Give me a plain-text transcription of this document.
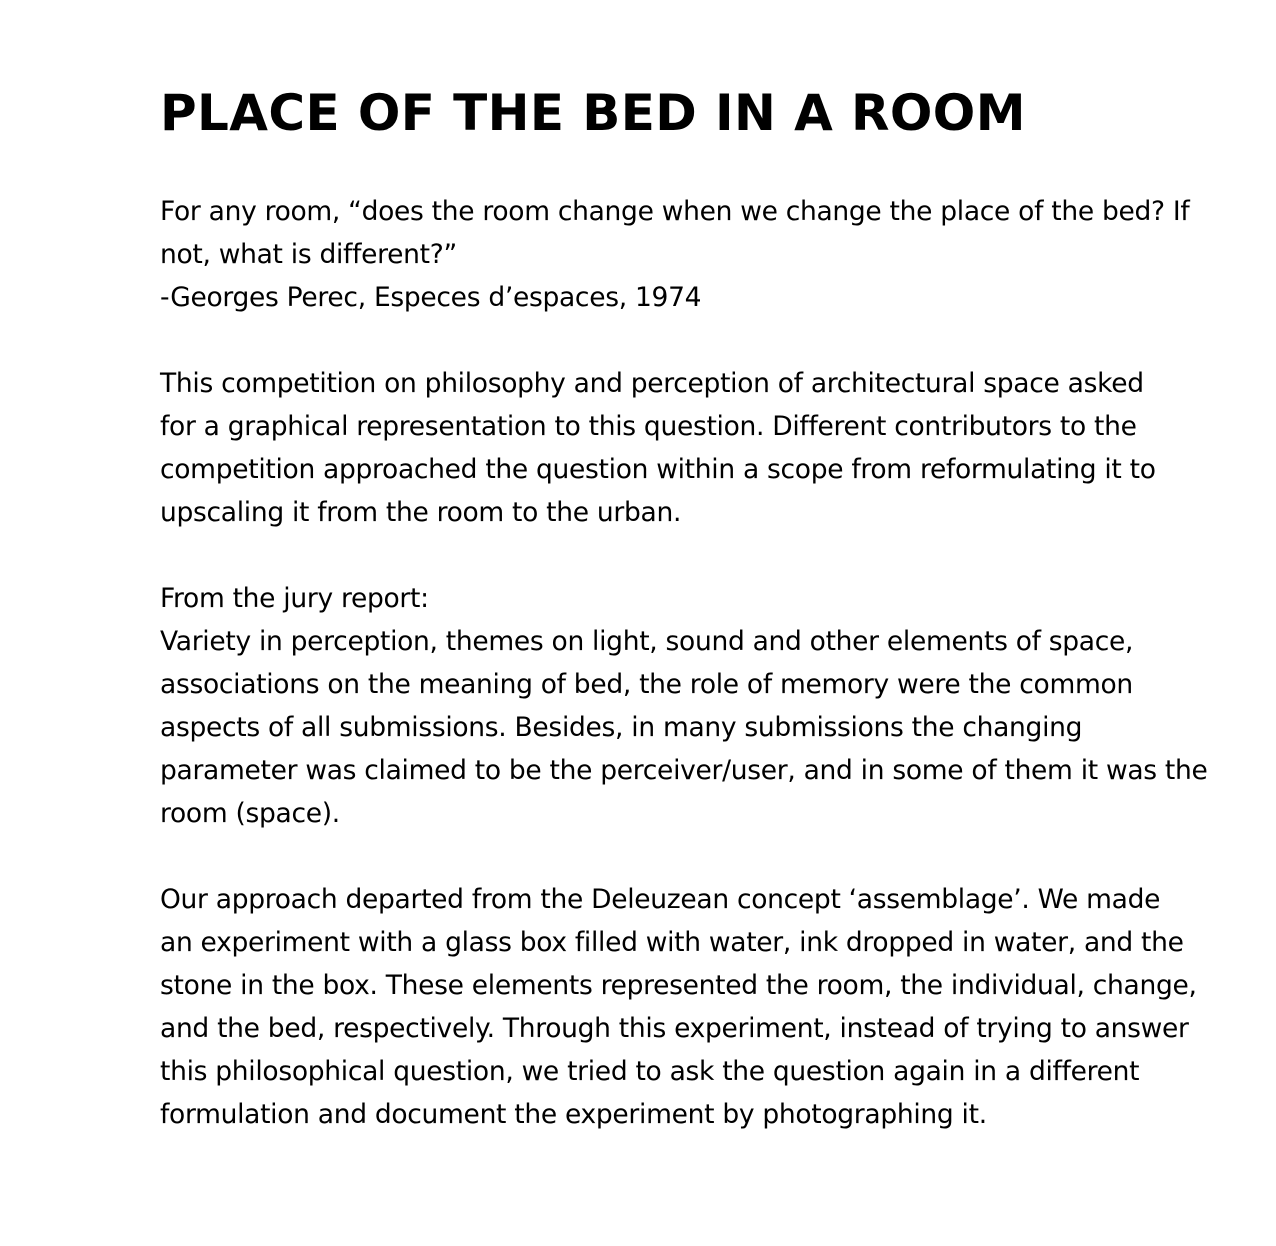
PLACE OF THE BED IN A ROOM

For any room, “does the room change when we change the place of the bed? If
not, what is different?”
-Georges Perec, Especes d’espaces, 1974

This competition on philosophy and perception of architectural space asked
for a graphical representation to this question. Different contributors to the
competition approached the question within a scope from reformulating it to
upscaling it from the room to the urban.

From the jury report:
Variety in perception, themes on light, sound and other elements of space,
associations on the meaning of bed, the role of memory were the common
aspects of all submissions. Besides, in many submissions the changing
parameter was claimed to be the perceiver/user, and in some of them it was the
room (space).

Our approach departed from the Deleuzean concept ‘assemblage’. We made
an experiment with a glass box filled with water, ink dropped in water, and the
stone in the box. These elements represented the room, the individual, change,
and the bed, respectively. Through this experiment, instead of trying to answer
this philosophical question, we tried to ask the question again in a different
formulation and document the experiment by photographing it.
